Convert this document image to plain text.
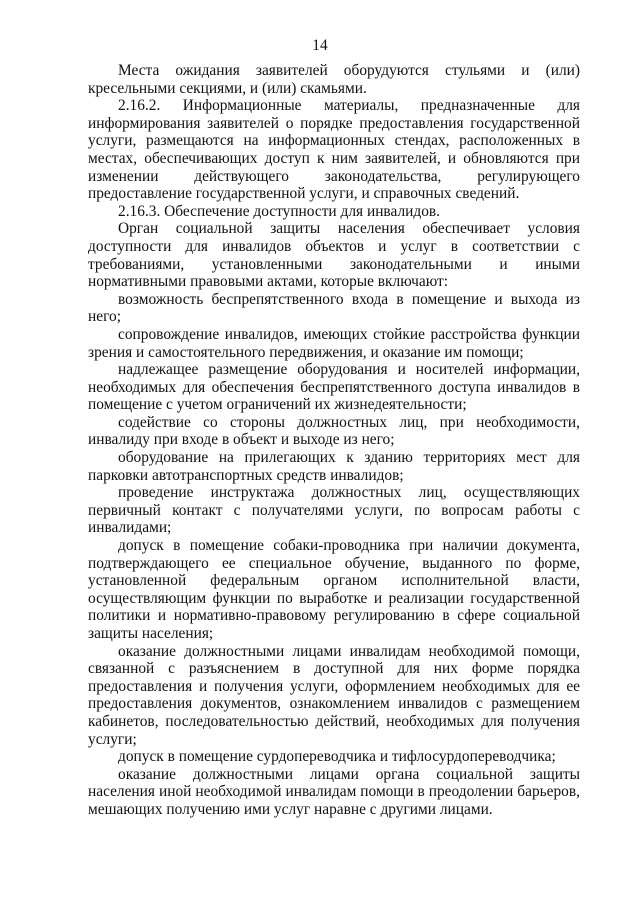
14

Места ожидания заявителей оборудуются стульями и (или) кресельными секциями, и (или) скамьями.

2.16.2. Информационные материалы, предназначенные для информирования заявителей о порядке предоставления государственной услуги, размещаются на информационных стендах, расположенных в местах, обеспечивающих доступ к ним заявителей, и обновляются при изменении действующего законодательства, регулирующего предоставление государственной услуги, и справочных сведений.

2.16.3. Обеспечение доступности для инвалидов.

Орган социальной защиты населения обеспечивает условия доступности для инвалидов объектов и услуг в соответствии с требованиями, установленными законодательными и иными нормативными правовыми актами, которые включают:

возможность беспрепятственного входа в помещение и выхода из него;

сопровождение инвалидов, имеющих стойкие расстройства функции зрения и самостоятельного передвижения, и оказание им помощи;

надлежащее размещение оборудования и носителей информации, необходимых для обеспечения беспрепятственного доступа инвалидов в помещение с учетом ограничений их жизнедеятельности;

содействие со стороны должностных лиц, при необходимости, инвалиду при входе в объект и выходе из него;

оборудование на прилегающих к зданию территориях мест для парковки автотранспортных средств инвалидов;

проведение инструктажа должностных лиц, осуществляющих первичный контакт с получателями услуги, по вопросам работы с инвалидами;

допуск в помещение собаки-проводника при наличии документа, подтверждающего ее специальное обучение, выданного по форме, установленной федеральным органом исполнительной власти, осуществляющим функции по выработке и реализации государственной политики и нормативно-правовому регулированию в сфере социальной защиты населения;

оказание должностными лицами инвалидам необходимой помощи, связанной с разъяснением в доступной для них форме порядка предоставления и получения услуги, оформлением необходимых для ее предоставления документов, ознакомлением инвалидов с размещением кабинетов, последовательностью действий, необходимых для получения услуги;

допуск в помещение сурдопереводчика и тифлосурдопереводчика;

оказание должностными лицами органа социальной защиты населения иной необходимой инвалидам помощи в преодолении барьеров, мешающих получению ими услуг наравне с другими лицами.
